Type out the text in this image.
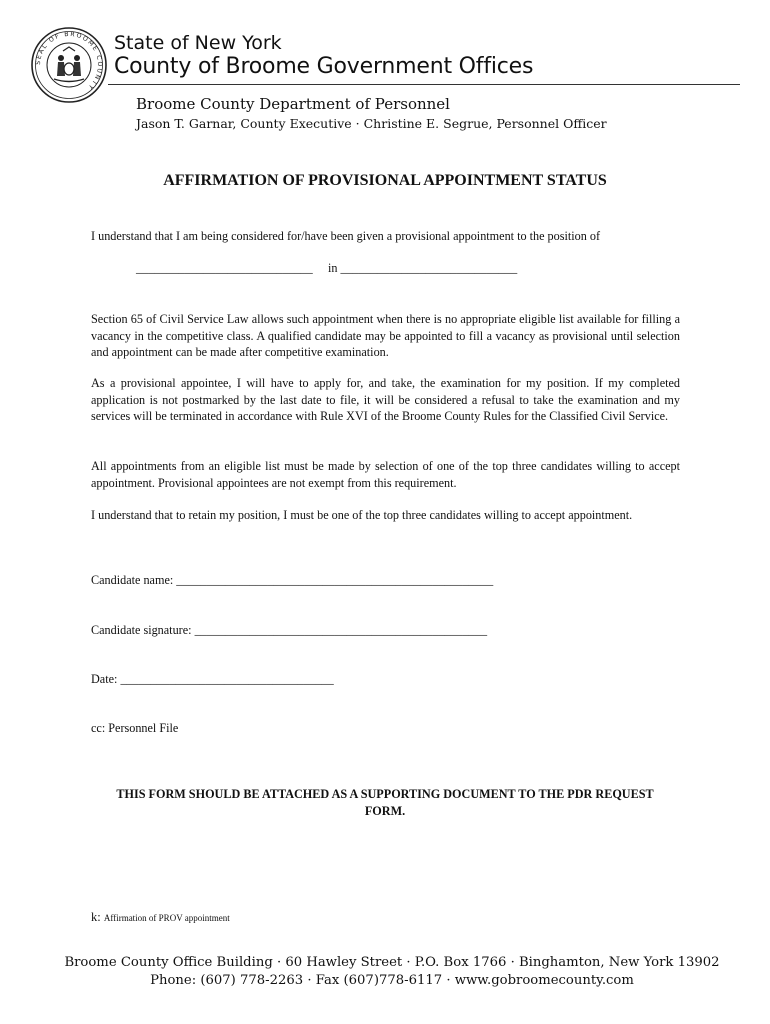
SEAL OF BROOME COUNTY
State of New York
County of Broome Government Offices
Broome County Department of Personnel
Jason T. Garnar, County Executive · Christine E. Segrue, Personnel Officer
AFFIRMATION OF PROVISIONAL APPOINTMENT STATUS
I understand that I am being considered for/have been given a provisional appointment to the position of
_____________________________     in _____________________________
Section 65 of Civil Service Law allows such appointment when there is no appropriate eligible list available for filling a vacancy in the competitive class. A qualified candidate may be appointed to fill a vacancy as provisional until selection and appointment can be made after competitive examination.
As a provisional appointee, I will have to apply for, and take, the examination for my position. If my completed application is not postmarked by the last date to file, it will be considered a refusal to take the examination and my services will be terminated in accordance with Rule XVI of the Broome County Rules for the Classified Civil Service.
All appointments from an eligible list must be made by selection of one of the top three candidates willing to accept appointment. Provisional appointees are not exempt from this requirement.
I understand that to retain my position, I must be one of the top three candidates willing to accept appointment.
Candidate name: ____________________________________________________
Candidate signature: ________________________________________________
Date: ___________________________________
cc: Personnel File
THIS FORM SHOULD BE ATTACHED AS A SUPPORTING DOCUMENT TO THE PDR REQUEST FORM.
k: Affirmation of PROV appointment
Broome County Office Building · 60 Hawley Street · P.O. Box 1766 · Binghamton, New York 13902
Phone: (607) 778-2263 · Fax (607)778-6117 · www.gobroomecounty.com
